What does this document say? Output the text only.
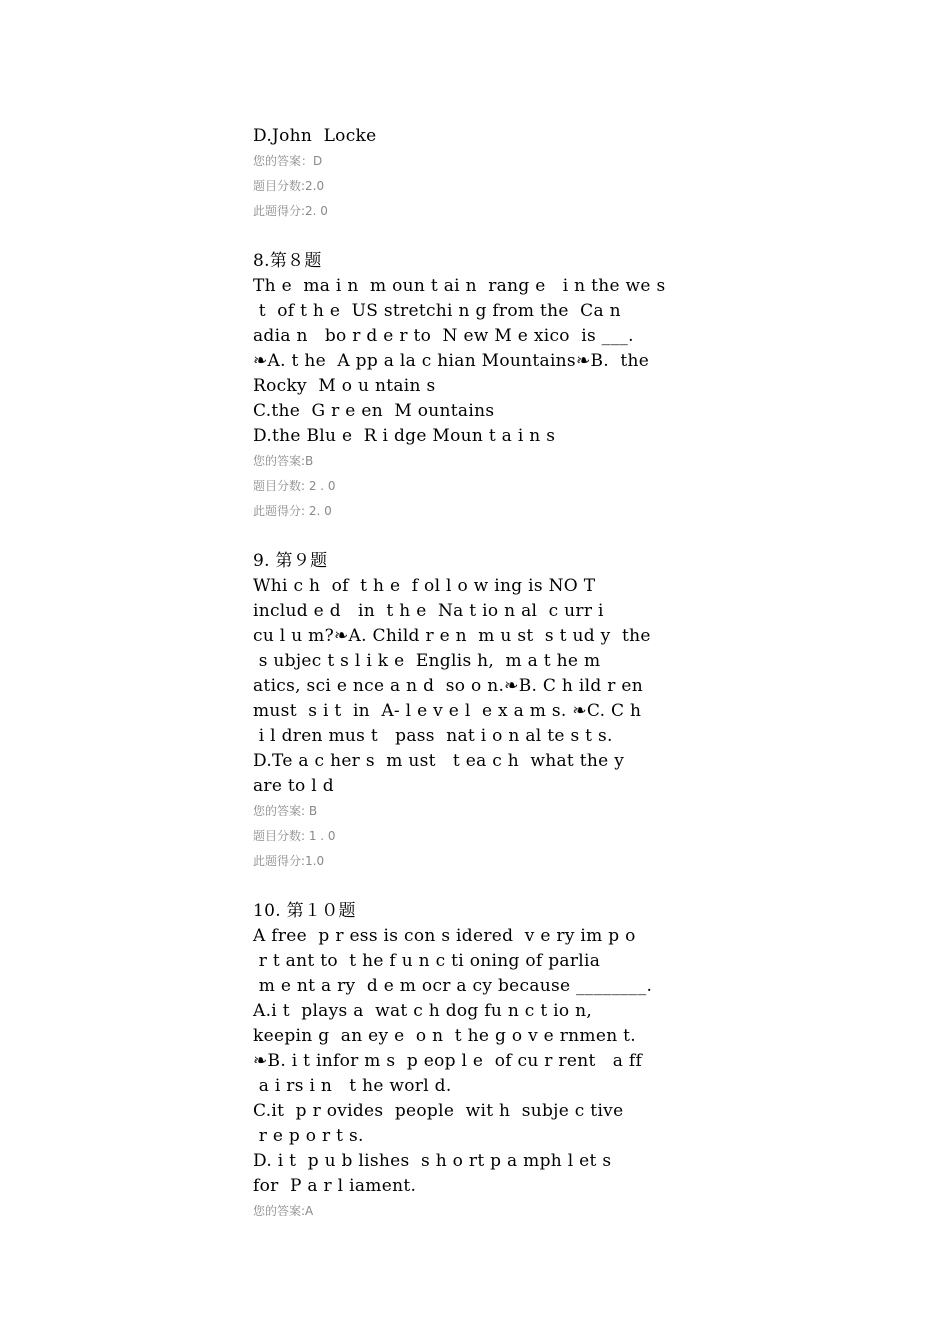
D.John  Locke
您的答案：D
题目分数:2.0
此题得分:2. 0
8.第８题
Th e  ma i n  m oun t ai n  rang e   i n the we s
t  of t h e  US stretchi n g from the  Ca n
adia n   bo r d e r to  N ew M e xico  is ___.
❧A. t he  A pp a la c hian Mountains❧B.  the
Rocky  M o u ntain s
C.the  G r e en  M ountains
D.the Blu e  R i dge Moun t a i n s
您的答案:B
题目分数: 2 . 0
此题得分: 2. 0
9. 第９题
Whi c h  of  t h e  f ol l o w ing is NO T
includ e d   in  t h e  Na t io n al  c urr i
cu l u m?❧A. Child r e n  m u st  s t ud y  the
s ubjec t s l i k e  Englis h,  m a t he m
atics, sci e nce a n d  so o n.❧B. C h ild r en
must  s i t  in  A- l e v e l  e x a m s. ❧C. C h
i l dren mus t   pass  nat i o n al te s t s.
D.Te a c her s  m ust   t ea c h  what the y
are to l d
您的答案: B
题目分数: 1 . 0
此题得分:1.0
10. 第１０题
A free  p r ess is con s idered  v e ry im p o
r t ant to  t he f u n c ti oning of parlia
m e nt a ry  d e m ocr a cy because ________.
A.i t  plays a  wat c h dog fu n c t io n,
keepin g  an ey e  o n  t he g o v e rnmen t.
❧B. i t infor m s  p eop l e  of cu r rent   a ff
a i rs i n   t he worl d.
C.it  p r ovides  people  wit h  subje c tive
r e p o r t s.
D. i t  p u b lishes  s h o rt p a mph l et s
for  P a r l iament.
您的答案:A
